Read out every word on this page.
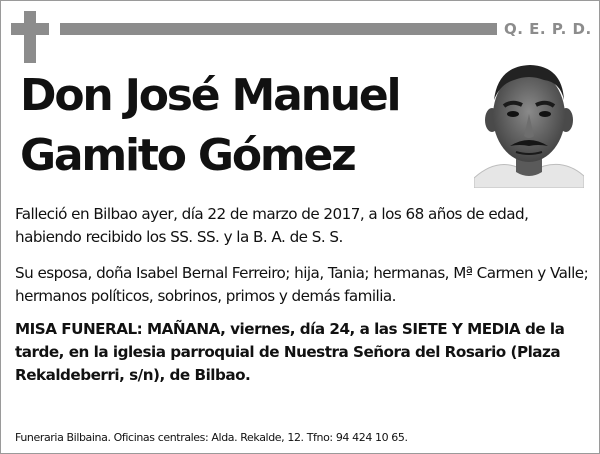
Q. E. P. D.
Don José Manuel
Gamito Gómez
Falleció en Bilbao ayer, día 22 de marzo de 2017, a los 68 años de edad, habiendo recibido los SS. SS. y la B. A. de S. S.
Su esposa, doña Isabel Bernal Ferreiro; hija, Tania; hermanas, Mª Carmen y Valle; hermanos políticos, sobrinos, primos y demás familia.
MISA FUNERAL: MAÑANA, viernes, día 24, a las SIETE Y MEDIA de la tarde, en la iglesia parroquial de Nuestra Señora del Rosario (Plaza Rekaldeberri, s/n), de Bilbao.
Funeraria Bilbaina. Oficinas centrales: Alda. Rekalde, 12. Tfno: 94 424 10 65.
